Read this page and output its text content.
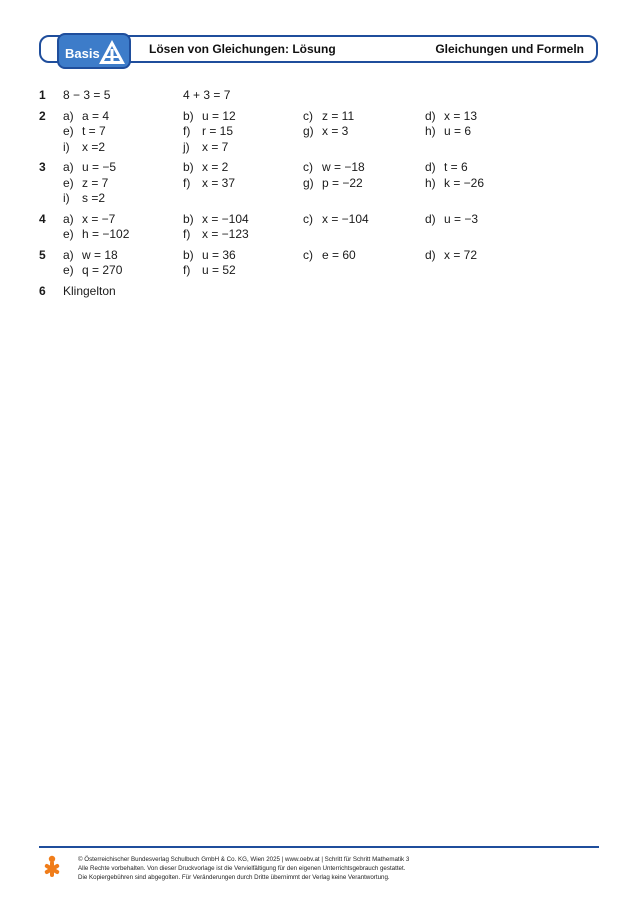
Basis	Lösen von Gleichungen: Lösung	Gleichungen und Formeln
1	8 − 3 = 5	4 + 3 = 7
2	a) a = 4	b) u = 12	c) z = 11	d) x = 13
e) t = 7	f) r = 15	g) x = 3	h) u = 6
i)	x =2	j)	x = 7
3	a) u = −5	b) x = 2	c) w = −18	d) t = 6
e) z = 7	f) x = 37	g) p = −22	h) k = −26
i)	s =2
4	a) x = −7	b) x = −104	c) x = −104	d) u = −3
e) h = −102	f) x = −123
5	a) w = 18	b) u = 36	c) e = 60	d) x = 72
e) q = 270	f) u = 52
6	Klingelton
© Österreichischer Bundesverlag Schulbuch GmbH & Co. KG, Wien 2025 | www.oebv.at | Schritt für Schritt Mathematik 3
Alle Rechte vorbehalten. Von dieser Druckvorlage ist die Vervielfältigung für den eigenen Unterrichtsgebrauch gestattet.
Die Kopiergebühren sind abgegolten. Für Veränderungen durch Dritte übernimmt der Verlag keine Verantwortung.
